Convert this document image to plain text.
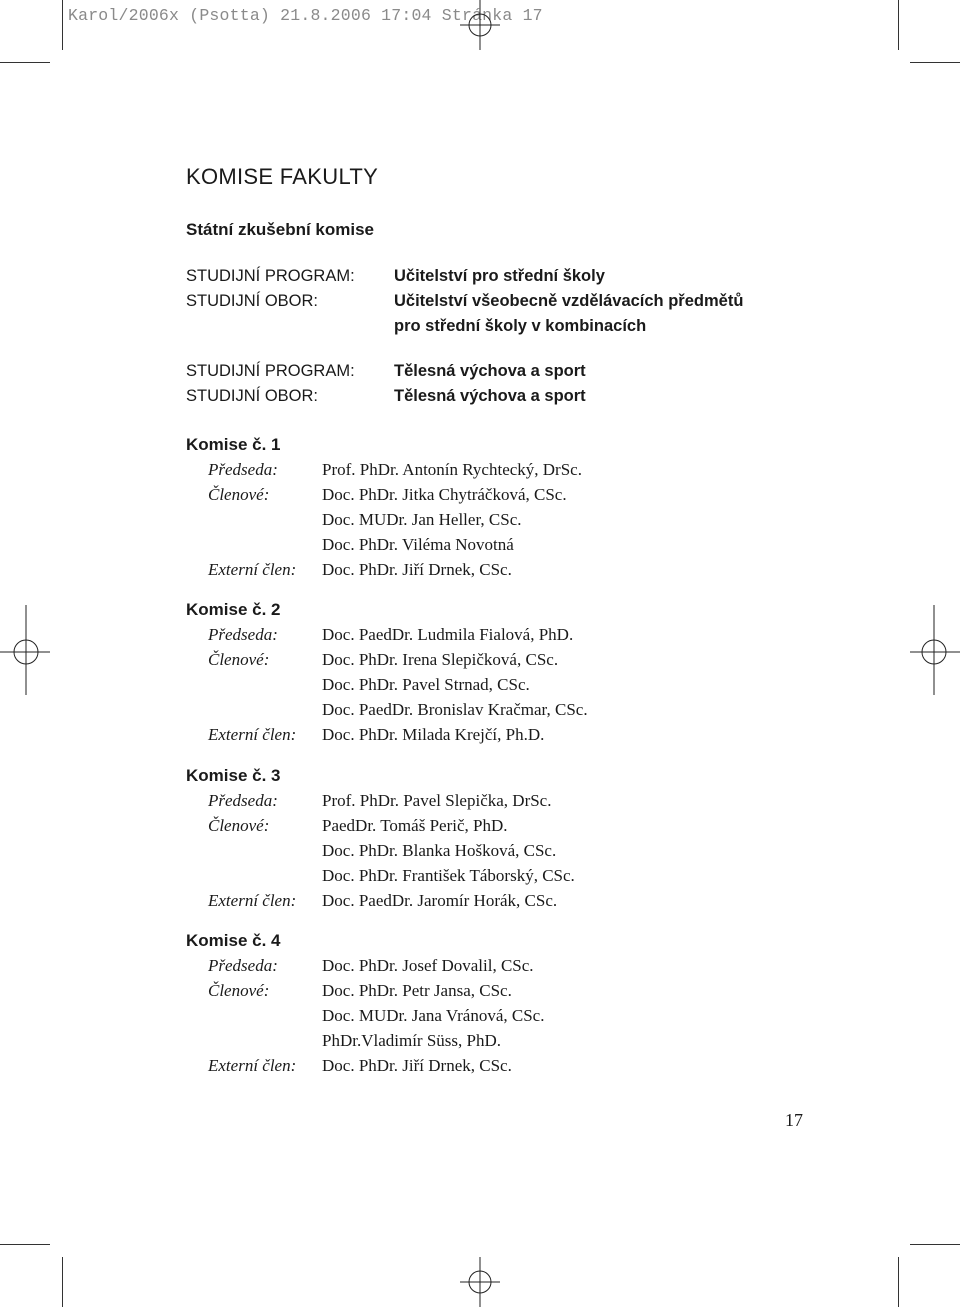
Karol/2006x (Psotta) 21.8.2006 17:04 Stránka 17
KOMISE FAKULTY
Státní zkušební komise
STUDIJNÍ PROGRAM:	Učitelství pro střední školy
STUDIJNÍ OBOR:	Učitelství všeobecně vzdělávacích předmětů
pro střední školy v kombinacích
STUDIJNÍ PROGRAM:	Tělesná výchova a sport
STUDIJNÍ OBOR:	Tělesná výchova a sport
Komise č. 1
Předseda:	Prof. PhDr. Antonín Rychtecký, DrSc.
Členové:	Doc. PhDr. Jitka Chytráčková, CSc.
Doc. MUDr. Jan Heller, CSc.
Doc. PhDr. Viléma Novotná
Externí člen:	Doc. PhDr. Jiří Drnek, CSc.
Komise č. 2
Předseda:	Doc. PaedDr. Ludmila Fialová, PhD.
Členové:	Doc. PhDr. Irena Slepičková, CSc.
Doc. PhDr. Pavel Strnad, CSc.
Doc. PaedDr. Bronislav Kračmar, CSc.
Externí člen:	Doc. PhDr. Milada Krejčí, Ph.D.
Komise č. 3
Předseda:	Prof. PhDr. Pavel Slepička, DrSc.
Členové:	PaedDr. Tomáš Perič, PhD.
Doc. PhDr. Blanka Hošková, CSc.
Doc. PhDr. František Táborský, CSc.
Externí člen:	Doc. PaedDr. Jaromír Horák, CSc.
Komise č. 4
Předseda:	Doc. PhDr. Josef Dovalil, CSc.
Členové:	Doc. PhDr. Petr Jansa, CSc.
Doc. MUDr. Jana Vránová, CSc.
PhDr.Vladimír Süss, PhD.
Externí člen:	Doc. PhDr. Jiří Drnek, CSc.
17
